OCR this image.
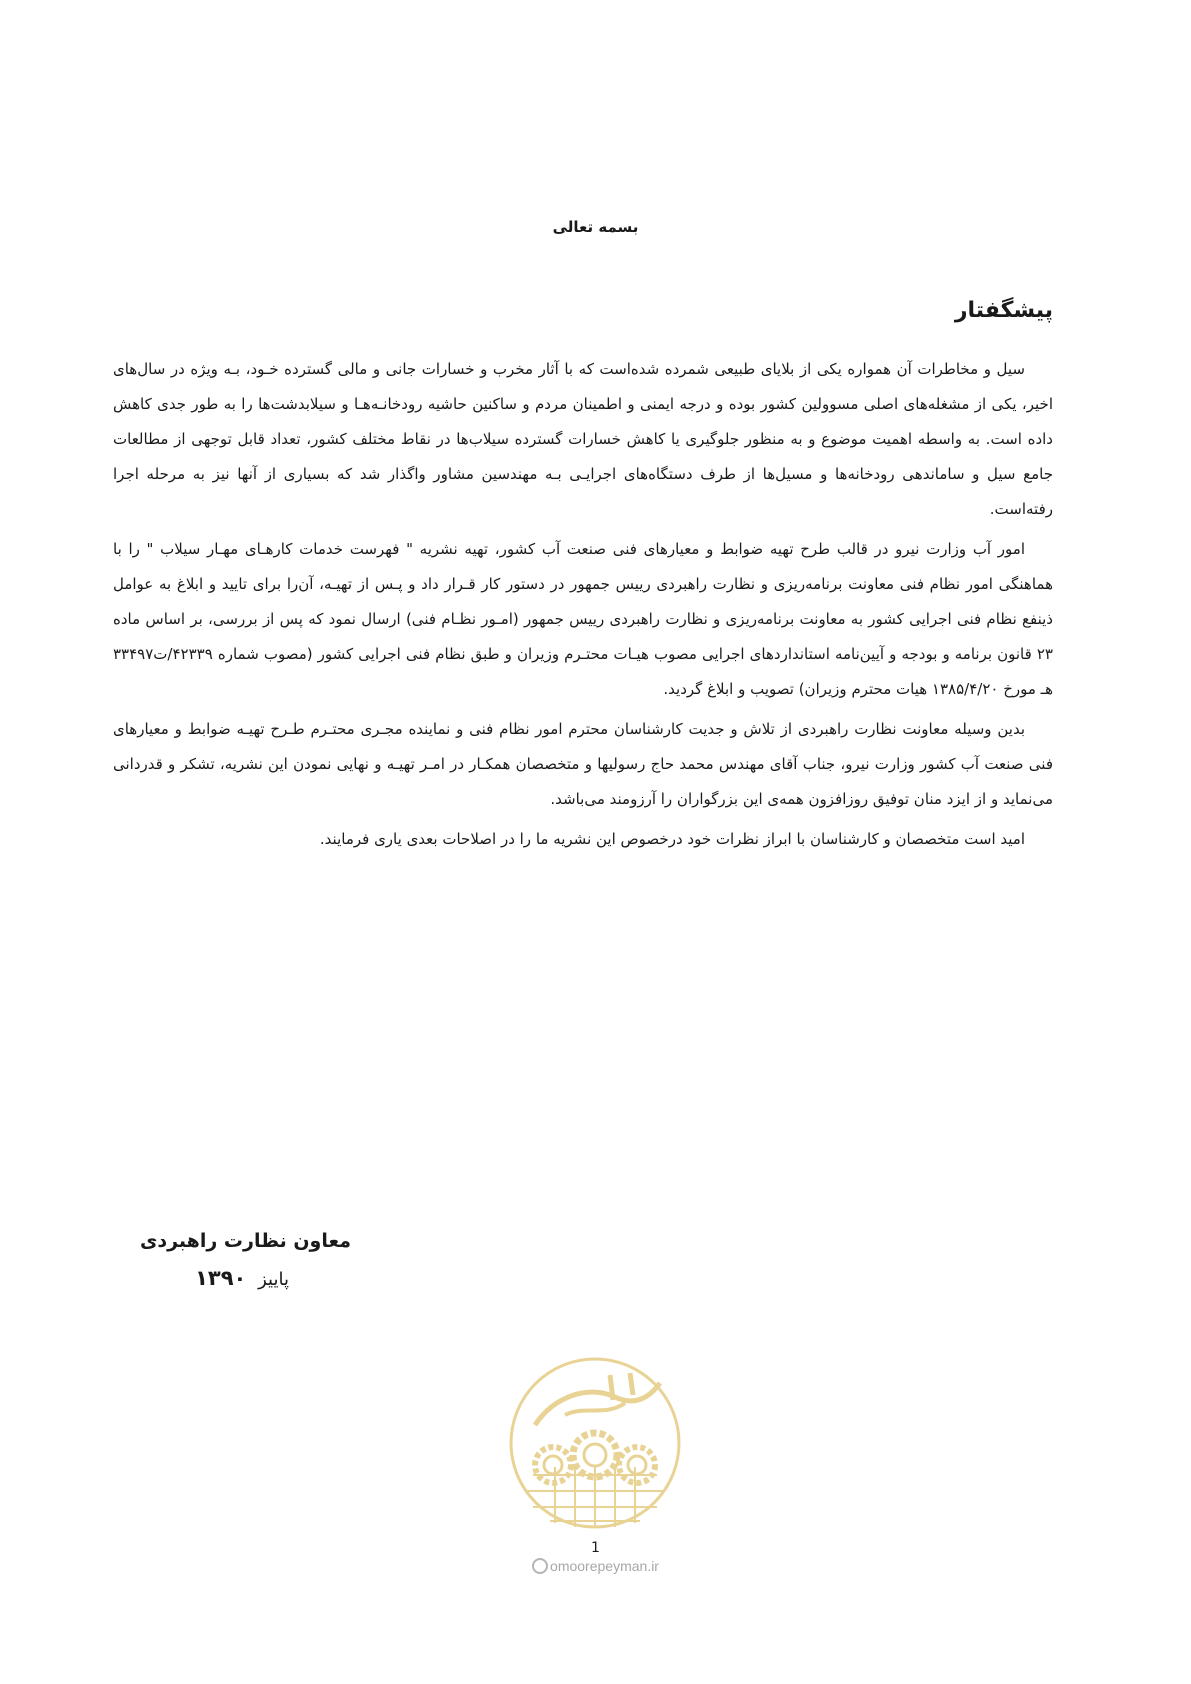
بسمه تعالی
پیشگفتار

سیل و مخاطرات آن همواره یکی از بلایای طبیعی شمرده شده‌است که با آثار مخرب و خسارات جانی و مالی گسترده خـود، بـه ویژه در سال‌های اخیر، یکی از مشغله‌های اصلی مسوولین کشور بوده و درجه ایمنی و اطمینان مردم و ساکنین حاشیه رودخانـه‌هـا و سیلابدشت‌ها را به طور جدی کاهش داده است. به واسطه اهمیت موضوع و به منظور جلوگیری یا کاهش خسارات گسترده سیلاب‌ها در نقاط مختلف کشور، تعداد قابل توجهی از مطالعات جامع سیل و ساماندهی رودخانه‌ها و مسیل‌ها از طرف دستگاه‌های اجرایـی بـه مهندسین مشاور واگذار شد که بسیاری از آنها نیز به مرحله اجرا رفته‌است.

امور آب وزارت نیرو در قالب طرح تهیه ضوابط و معیارهای فنی صنعت آب کشور، تهیه نشریه " فهرست خدمات کارهـای مهـار سیلاب " را با هماهنگی امور نظام فنی معاونت برنامه‌ریزی و نظارت راهبردی رییس جمهور در دستور کار قـرار داد و پـس از تهیـه، آن‌را برای تایید و ابلاغ به عوامل ذینفع نظام فنی اجرایی کشور به معاونت برنامه‌ریزی و نظارت راهبردی رییس جمهور (امـور نظـام فنی) ارسال نمود که پس از بررسی، بر اساس ماده ۲۳ قانون برنامه و بودجه و آیین‌نامه استانداردهای اجرایی مصوب هیـات محتـرم وزیران و طبق نظام فنی اجرایی کشور (مصوب شماره ۴۲۳۳۹/ت۳۳۴۹۷ هـ مورخ ۱۳۸۵/۴/۲۰ هیات محترم وزیران) تصویب و ابلاغ گردید.

بدین وسیله معاونت نظارت راهبردی از تلاش و جدیت کارشناسان محترم امور نظام فنی و نماینده مجـری محتـرم طـرح تهیـه ضوابط و معیارهای فنی صنعت آب کشور وزارت نیرو، جناب آقای مهندس محمد حاج رسولیها و متخصصان همکـار در امـر تهیـه و نهایی نمودن این نشریه، تشکر و قدردانی می‌نماید و از ایزد منان توفیق روزافزون همه‌ی این بزرگواران را آرزومند می‌باشد.

امید است متخصصان و کارشناسان با ابراز نظرات خود درخصوص این نشریه ما را در اصلاحات بعدی یاری فرمایند.

معاون نظارت راهبردی
پاییز ۱۳۹۰
1
omoorepeyman.ir
